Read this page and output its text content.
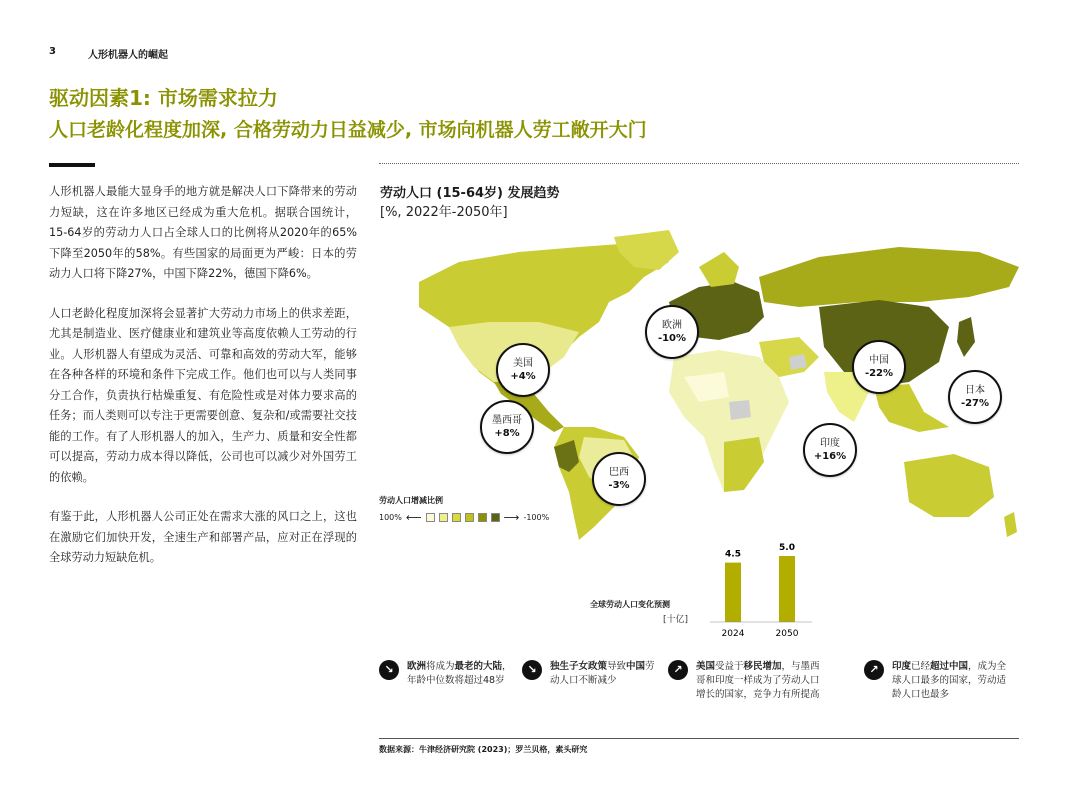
3	人形机器人的崛起
驱动因素1: 市场需求拉力
人口老龄化程度加深, 合格劳动力日益减少, 市场向机器人劳工敞开大门

人形机器人最能大显身手的地方就是解决人口下降带来的劳动力短缺，这在许多地区已经成为重大危机。据联合国统计，15-64岁的劳动力人口占全球人口的比例将从2020年的65%下降至2050年的58%。有些国家的局面更为严峻：日本的劳动力人口将下降27%，中国下降22%，德国下降6%。

人口老龄化程度加深将会显著扩大劳动力市场上的供求差距，尤其是制造业、医疗健康业和建筑业等高度依赖人工劳动的行业。人形机器人有望成为灵活、可靠和高效的劳动大军，能够在各种各样的环境和条件下完成工作。他们也可以与人类同事分工合作，负责执行枯燥重复、有危险性或是对体力要求高的任务；而人类则可以专注于更需要创意、复杂和/或需要社交技能的工作。有了人形机器人的加入，生产力、质量和安全性都可以提高，劳动力成本得以降低，公司也可以减少对外国劳工的依赖。

有鉴于此，人形机器人公司正处在需求大涨的风口之上，这也在激励它们加快开发，全速生产和部署产品，应对正在浮现的全球劳动力短缺危机。

劳动人口 (15-64岁) 发展趋势
[%, 2022年-2050年]
美国
+4%
欧洲
-10%
中国
-22%
日本
-27%
墨西哥
+8%
印度
+16%
巴西
-3%
劳动人口增减比例
100% ⟵	⟶ -100%
4.5
2024
5.0
2050
全球劳动人口变化预测
[十亿]
↘	欧洲将成为最老的大陆，年龄中位数将超过48岁
↘	独生子女政策导致中国劳动人口不断减少
↗	美国受益于移民增加，与墨西哥和印度一样成为了劳动人口增长的国家，竞争力有所提高
↗	印度已经超过中国，成为全球人口最多的国家，劳动适龄人口也最多
数据来源：牛津经济研究院 (2023)；罗兰贝格，素头研究
